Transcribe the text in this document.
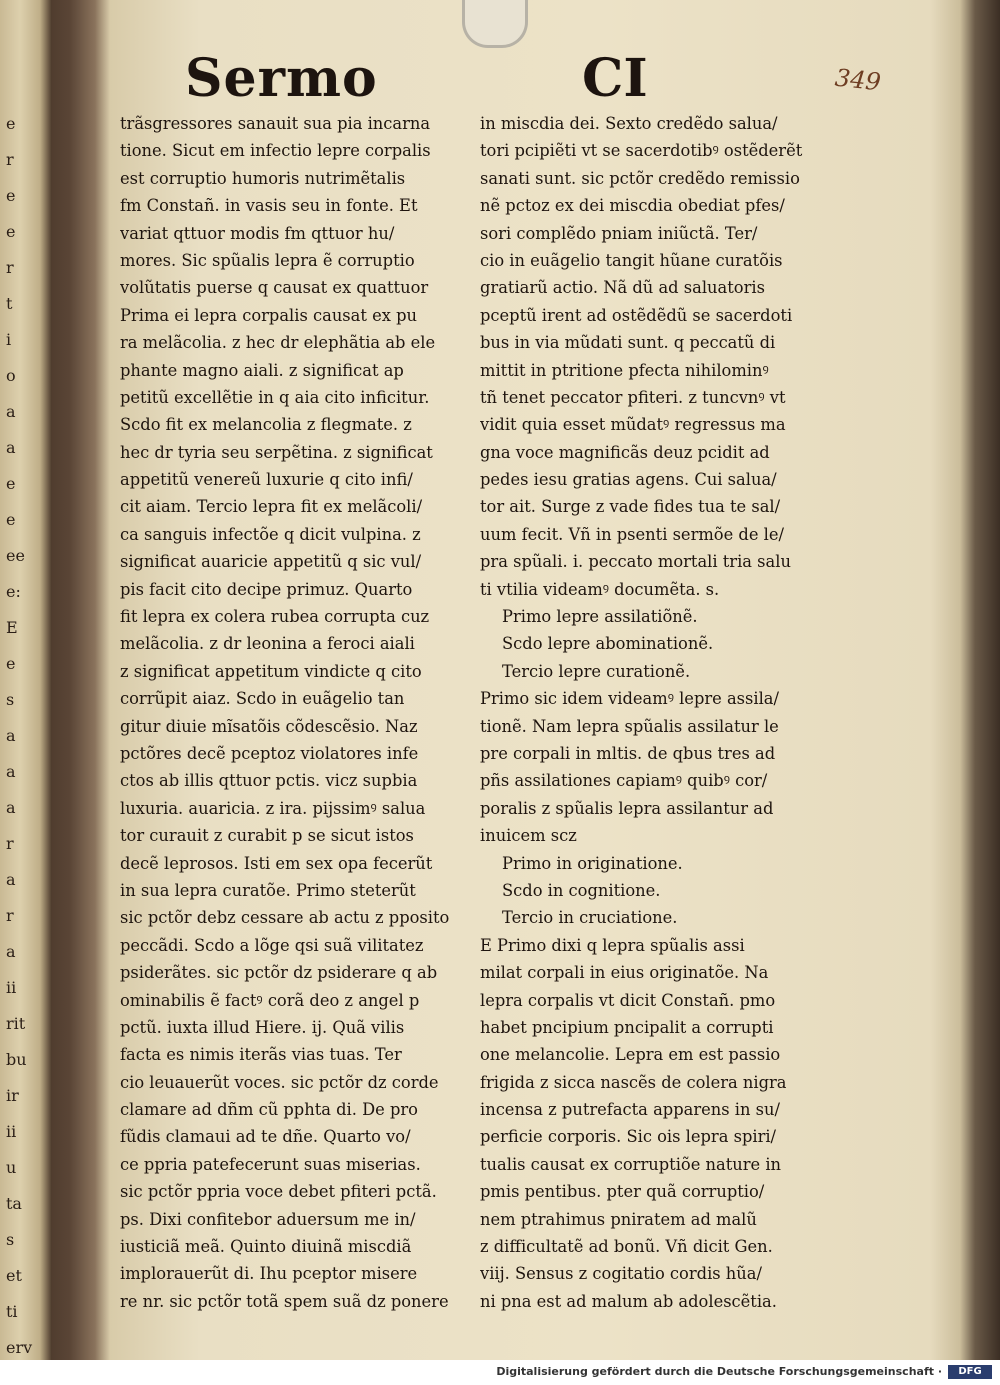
e
r
e
e
r
t
i
o
a
a
e
e
ee
e:
E
e
s
a
a
a
r
a
r
a
ii
rit
bu
ir
ii
u
ta
s
et
ti
erv
Sermo	CI	349
trãsgressores sanauit sua pia incarna
tione. Sicut em infectio lepre corpalis
est corruptio humoris nutrimẽtalis
fm Constañ. in vasis seu in fonte. Et
variat qttuor modis fm qttuor hu/
mores. Sic spũalis lepra ẽ corruptio
volũtatis puerse q causat ex quattuor
Prima ei lepra corpalis causat ex pu
ra melãcolia. z hec dr elephãtia ab ele
phante magno aiali. z significat ap
petitũ excellẽtie in q aia cito inficitur.
Scdo fit ex melancolia z flegmate. z
hec dr tyria seu serpẽtina. z significat
appetitũ venereũ luxurie q cito infi/
cit aiam. Tercio lepra fit ex melãcoli/
ca sanguis infectõe q dicit vulpina. z
significat auaricie appetitũ q sic vul/
pis facit cito decipe primuz. Quarto
fit lepra ex colera rubea corrupta cuz
melãcolia. z dr leonina a feroci aiali
z significat appetitum vindicte q cito
corrũpit aiaz. Scdo in euãgelio tan
gitur diuie mĩsatõis cõdescẽsio. Naz
pctõres decẽ pceptoz violatores infe
ctos ab illis qttuor pctis. vicz supbia
luxuria. auaricia. z ira. pijssimꝰ salua
tor curauit z curabit p se sicut istos
decẽ leprosos. Isti em sex opa fecerũt
in sua lepra curatõe. Primo steterũt
sic pctõr debz cessare ab actu z pposito
peccãdi. Scdo a lõge qsi suã vilitatez
psiderãtes. sic pctõr dz psiderare q ab
ominabilis ẽ factꝰ corã deo z angel p
pctũ. iuxta illud Hiere. ij. Quã vilis
facta es nimis iterãs vias tuas. Ter
cio leuauerũt voces. sic pctõr dz corde
clamare ad dñm cũ pphta di. De pro
fũdis clamaui ad te dñe. Quarto vo/
ce ppria patefecerunt suas miserias.
sic pctõr ppria voce debet pfiteri pctã.
ps. Dixi confitebor aduersum me in/
iusticiã meã. Quinto diuinã miscdiã
implorauerũt di. Ihu pceptor misere
re nr. sic pctõr totã spem suã dz ponere
in miscdia dei. Sexto credẽdo salua/
tori pcipiẽti vt se sacerdotibꝰ ostẽderẽt
sanati sunt. sic pctõr credẽdo remissio
nẽ pctoz ex dei miscdia obediat pfes/
sori complẽdo pniam iniũctã. Ter/
cio in euãgelio tangit hũane curatõis
gratiarũ actio. Nã dũ ad saluatoris
pceptũ irent ad ostẽdẽdũ se sacerdoti
bus in via mũdati sunt. q peccatũ di
mittit in ptritione pfecta nihilominꝰ
tñ tenet peccator pfiteri. z tuncvnꝰ vt
vidit quia esset mũdatꝰ regressus ma
gna voce magnificãs deuz pcidit ad
pedes iesu gratias agens. Cui salua/
tor ait. Surge z vade fides tua te sal/
uum fecit. Vñ in psenti sermõe de le/
pra spũali. i. peccato mortali tria salu
ti vtilia videamꝰ documẽta. s.
Primo lepre assilatiõnẽ.
Scdo lepre abominationẽ.
Tercio lepre curationẽ.
Primo sic idem videamꝰ lepre assila/
tionẽ. Nam lepra spũalis assilatur le
pre corpali in mltis. de qbus tres ad
pñs assilationes capiamꝰ quibꝰ cor/
poralis z spũalis lepra assilantur ad
inuicem scz
Primo in originatione.
Scdo in cognitione.
Tercio in cruciatione.
E Primo dixi q lepra spũalis assi
milat corpali in eius originatõe. Na
lepra corpalis vt dicit Constañ. pmo
habet pncipium pncipalit a corrupti
one melancolie. Lepra em est passio
frigida z sicca nascẽs de colera nigra
incensa z putrefacta apparens in su/
perficie corporis. Sic ois lepra spiri/
tualis causat ex corruptiõe nature in
pmis pentibus. pter quã corruptio/
nem ptrahimus pniratem ad malũ
z difficultatẽ ad bonũ. Vñ dicit Gen.
viij. Sensus z cogitatio cordis hũa/
ni pna est ad malum ab adolescẽtia.
Digitalisierung gefördert durch die Deutsche Forschungsgemeinschaft ·	DFG
